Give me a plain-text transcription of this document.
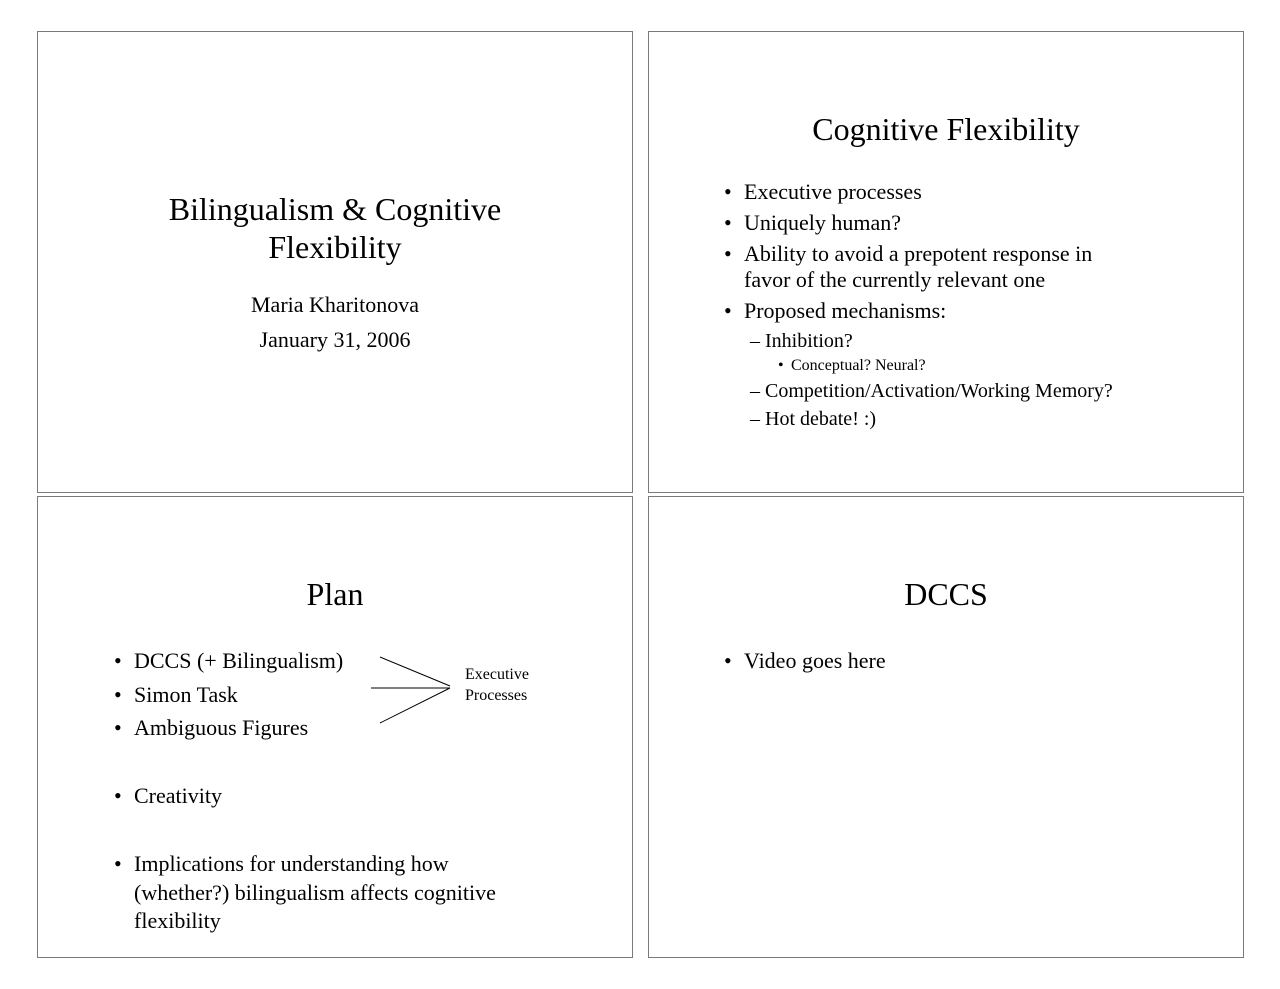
Bilingualism & Cognitive
Flexibility
Maria Kharitonova
January 31, 2006
Cognitive Flexibility
• Executive processes
• Uniquely human?
• Ability to avoid a prepotent response in
favor of the currently relevant one
• Proposed mechanisms:
– Inhibition?
• Conceptual? Neural?
– Competition/Activation/Working Memory?
– Hot debate! :)
Plan
• DCCS (+ Bilingualism)
• Simon Task
• Ambiguous Figures
• Creativity
• Implications for understanding how
(whether?) bilingualism affects cognitive
flexibility
Executive
Processes
DCCS
• Video goes here
